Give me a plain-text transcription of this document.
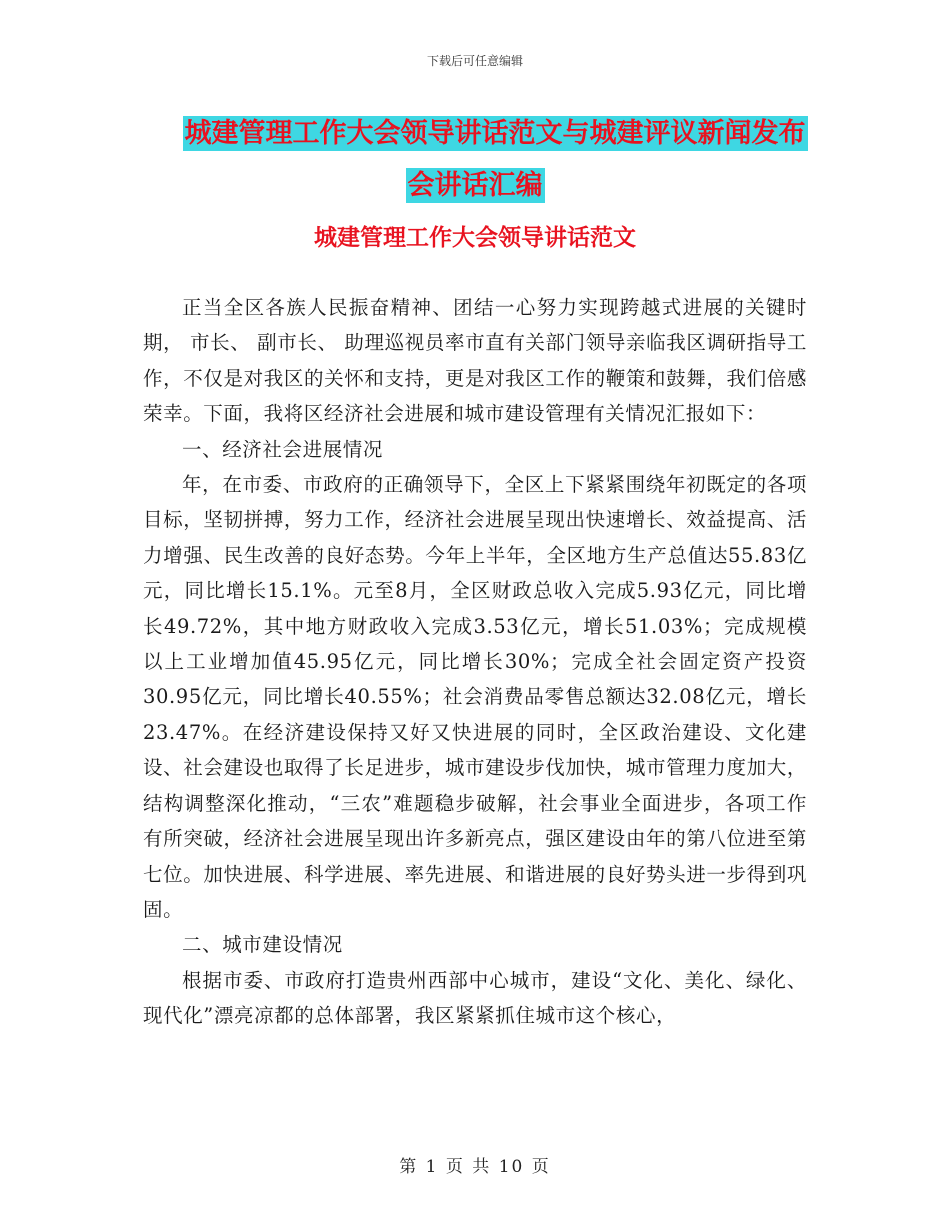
下载后可任意编辑
城建管理工作大会领导讲话范文与城建评议新闻发布
会讲话汇编
城建管理工作大会领导讲话范文

正当全区各族人民振奋精神、团结一心努力实现跨越式进展的关键时期， 市长、 副市长、 助理巡视员率市直有关部门领导亲临我区调研指导工作，不仅是对我区的关怀和支持，更是对我区工作的鞭策和鼓舞，我们倍感荣幸。下面，我将区经济社会进展和城市建设管理有关情况汇报如下：

一、经济社会进展情况

年，在市委、市政府的正确领导下，全区上下紧紧围绕年初既定的各项目标，坚韧拼搏，努力工作，经济社会进展呈现出快速增长、效益提高、活力增强、民生改善的良好态势。今年上半年，全区地方生产总值达55.83亿元，同比增长15.1%。元至8月，全区财政总收入完成5.93亿元，同比增长49.72%，其中地方财政收入完成3.53亿元，增长51.03%；完成规模以上工业增加值45.95亿元，同比增长30%；完成全社会固定资产投资30.95亿元，同比增长40.55%；社会消费品零售总额达32.08亿元，增长23.47%。在经济建设保持又好又快进展的同时，全区政治建设、文化建设、社会建设也取得了长足进步，城市建设步伐加快，城市管理力度加大，结构调整深化推动，“三农”难题稳步破解，社会事业全面进步，各项工作有所突破，经济社会进展呈现出许多新亮点，强区建设由年的第八位进至第七位。加快进展、科学进展、率先进展、和谐进展的良好势头进一步得到巩固。

二、城市建设情况

根据市委、市政府打造贵州西部中心城市，建设“文化、美化、绿化、现代化”漂亮凉都的总体部署，我区紧紧抓住城市这个核心，

第 1 页 共 10 页
